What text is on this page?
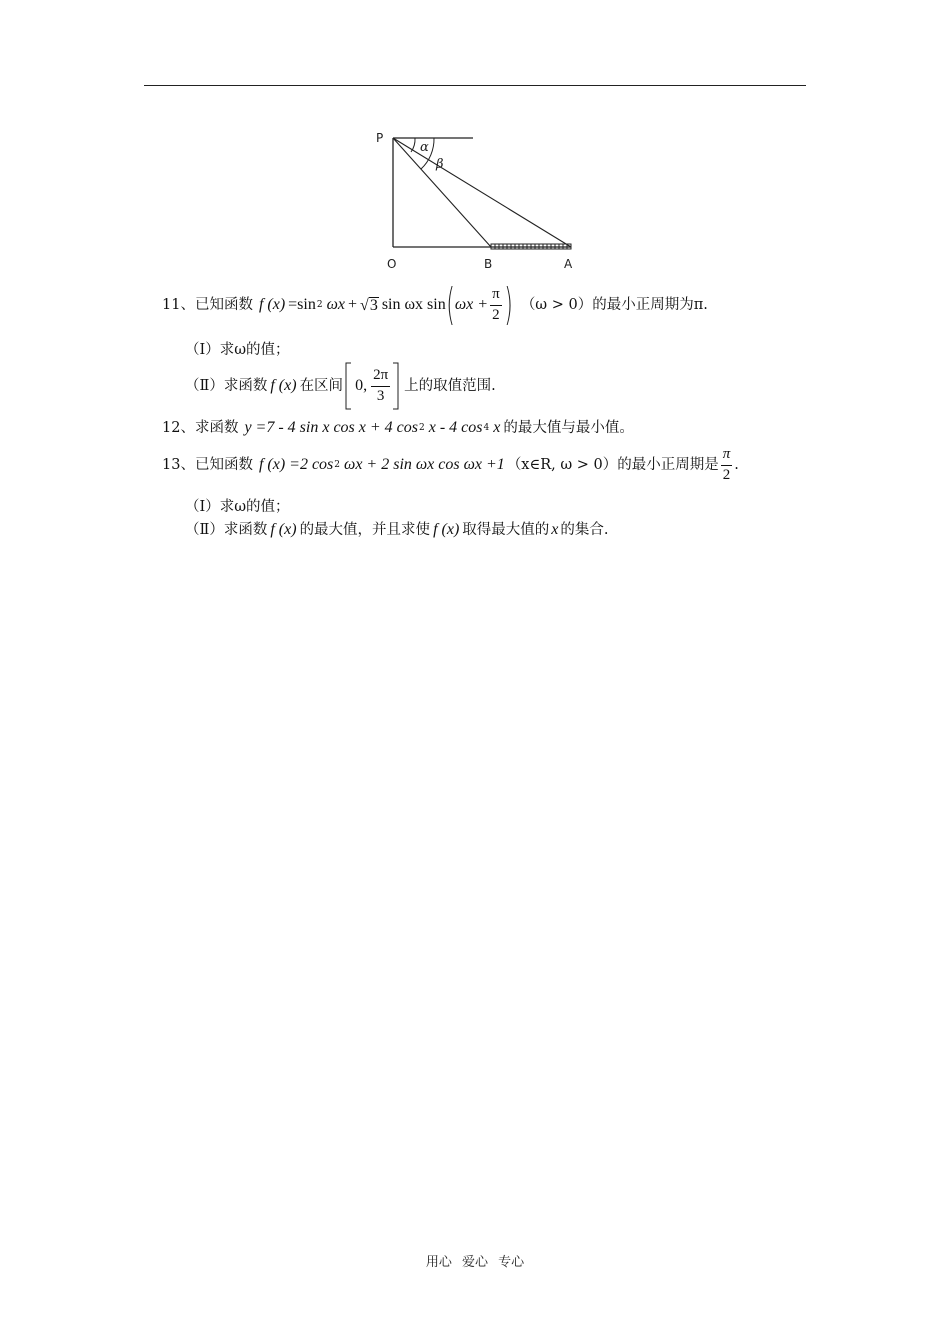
P
O	B	A
α
β
11、已知函数 f (x) =sin 2 ωx + √ 3 sin ωx sin ( $\omega x + \frac{\pi}{2}$ ) （ω > 0）的最小正周期为π.
（Ⅰ）求ω的值；
（Ⅱ）求函数 f (x) 在区间 0, $\frac{2\pi}{3}$ 上的取值范围.
12、求函数 y =7 - 4 sin x cos x + 4 cos 2 x - 4 cos 4 x 的最大值与最小值。
13、已知函数 f (x) =2 cos 2 ωx + 2 sin ωx cos ωx +1 （x∈R, ω > 0）的最小正周期是 $\frac{\pi}{2}$ .
（Ⅰ）求ω的值；
（Ⅱ）求函数 f (x) 的最大值，并且求使 f (x) 取得最大值的 x 的集合.
用心 爱心 专心
